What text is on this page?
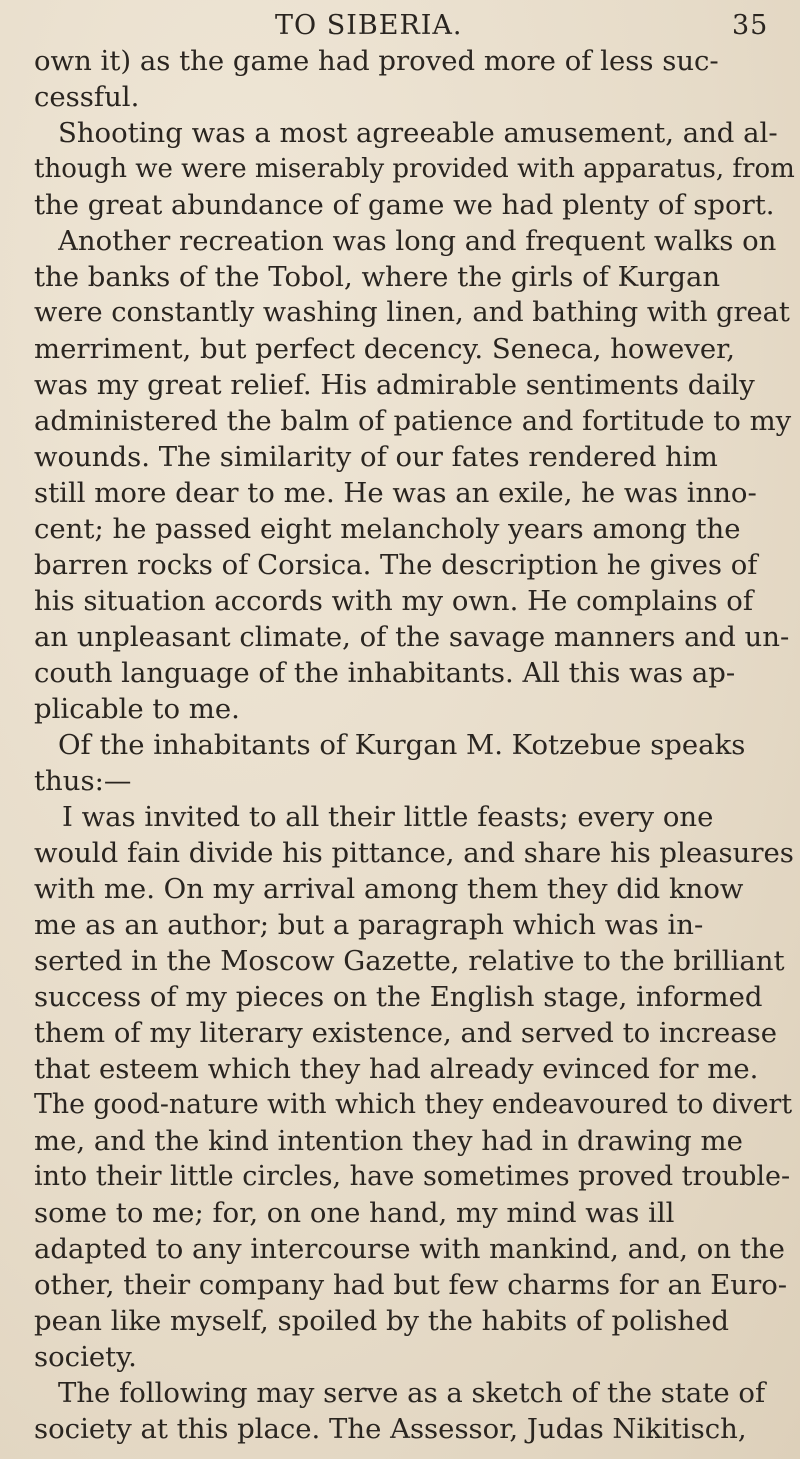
TO SIBERIA.	35
own it) as the game had proved more of less suc-
cessful.
Shooting was a most agreeable amusement, and al-
though we were miserably provided with apparatus, from
the great abundance of game we had plenty of sport.
Another recreation was long and frequent walks on
the banks of the Tobol, where the girls of Kurgan
were constantly washing linen, and bathing with great
merriment, but perfect decency. Seneca, however,
was my great relief. His admirable sentiments daily
administered the balm of patience and fortitude to my
wounds. The similarity of our fates rendered him
still more dear to me. He was an exile, he was inno-
cent; he passed eight melancholy years among the
barren rocks of Corsica. The description he gives of
his situation accords with my own. He complains of
an unpleasant climate, of the savage manners and un-
couth language of the inhabitants. All this was ap-
plicable to me.
Of the inhabitants of Kurgan M. Kotzebue speaks
thus:—
I was invited to all their little feasts; every one
would fain divide his pittance, and share his pleasures
with me. On my arrival among them they did know
me as an author; but a paragraph which was in-
serted in the Moscow Gazette, relative to the brilliant
success of my pieces on the English stage, informed
them of my literary existence, and served to increase
that esteem which they had already evinced for me.
The good-nature with which they endeavoured to divert
me, and the kind intention they had in drawing me
into their little circles, have sometimes proved trouble-
some to me; for, on one hand, my mind was ill
adapted to any intercourse with mankind, and, on the
other, their company had but few charms for an Euro-
pean like myself, spoiled by the habits of polished
society.
The following may serve as a sketch of the state of
society at this place. The Assessor, Judas Nikitisch,
